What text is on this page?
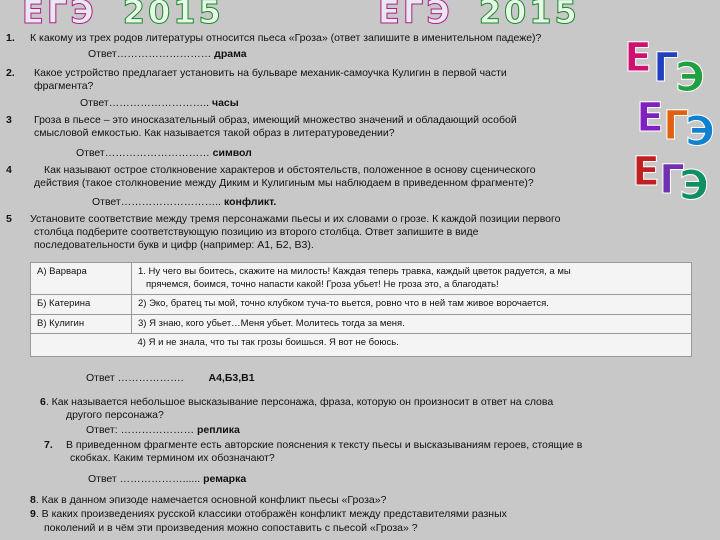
ЕГЭ 2015	ЕГЭ 2015
Е Г
Э
Е Г
Э
Е Г
Э
1. К какому из трех родов литературы относится пьеса «Гроза» (ответ запишите в именительном падеже)?
Ответ……………………… драма
2. Какое устройство предлагает установить на бульваре механик-самоучка Кулигин в первой части
фрагмента?
Ответ……………………….. часы
3 Гроза в пьесе – это иносказательный образ, имеющий множество значений и обладающий особой
смысловой емкостью. Как называется такой образ в литературоведении?
Ответ………………………… символ
4	Как называют острое столкновение характеров и обстоятельств, положенное в основу сценического
действия (такое столкновение между Диким и Кулигиным мы наблюдаем в приведенном фрагменте)?
Ответ……………………….. конфликт.
5 Установите соответствие между тремя персонажами пьесы и их словами о грозе. К каждой позиции первого
столбца подберите соответствующую позицию из второго столбца. Ответ запишите в виде
последовательности букв и цифр (например: А1, Б2, В3).
А) Варвара	1. Ну чего вы боитесь, скажите на милость! Каждая теперь травка, каждый цветок радуется, а мы
прячемся, боимся, точно напасти какой! Гроза убьет! Не гроза это, а благодать!

Б) Катерина	2) Эко, братец ты мой, точно клубком туча-то вьется, ровно что в ней там живое ворочается.
В) Кулигин	3) Я знаю, кого убьет…Меня убьет. Молитесь тогда за меня.
	4) Я и не знала, что ты так грозы боишься. Я вот не боюсь.
Ответ ………………. А4,Б3,В1
6. Как называется небольшое высказывание персонажа, фраза, которую он произносит в ответ на слова
другого персонажа?
Ответ: ………………… реплика
7. В приведенном фрагменте есть авторские пояснения к тексту пьесы и высказываниям героев, стоящие в
скобках. Каким термином их обозначают?
Ответ ………………...... ремарка
8. Как в данном эпизоде намечается основной конфликт пьесы «Гроза»?
9. В каких произведениях русской классики отображён конфликт между представителями разных
поколений и в чём эти произведения можно сопоставить с пьесой «Гроза» ?
